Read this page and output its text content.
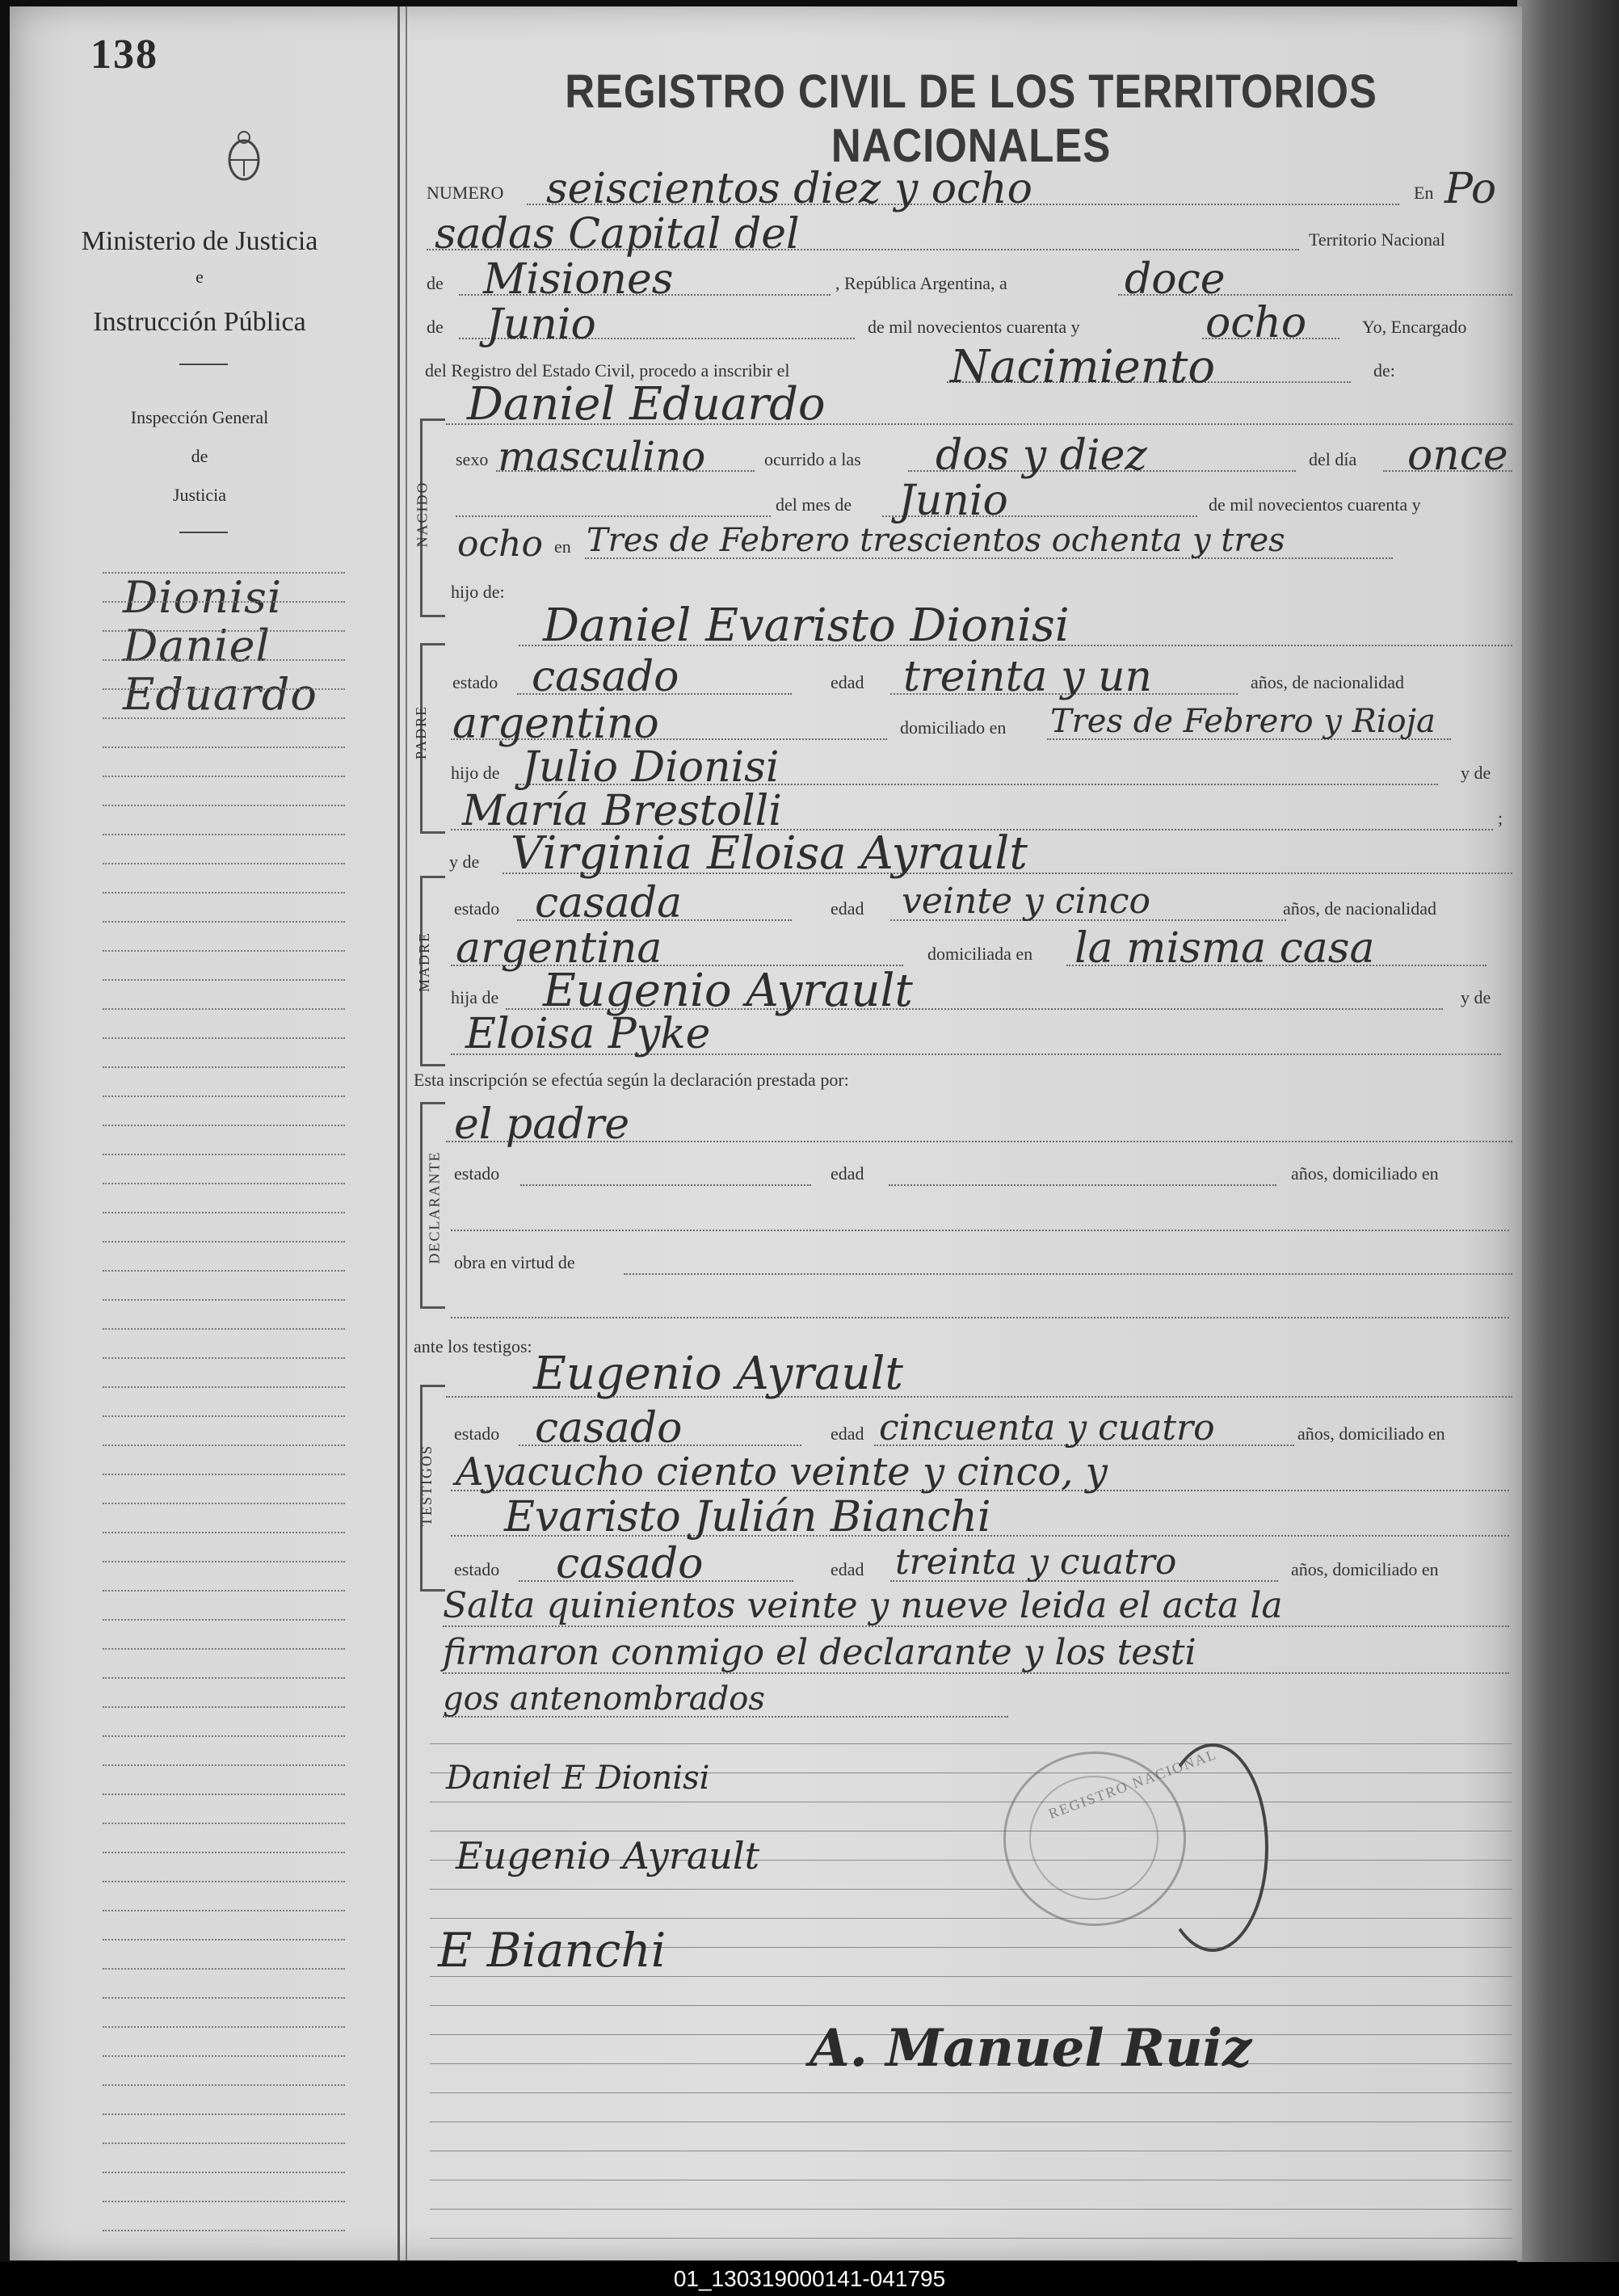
138
Ministerio de Justicia
e
Instrucción Pública
Inspección General
de
Justicia
Dionisi
Daniel
Eduardo
REGISTRO CIVIL DE LOS TERRITORIOS NACIONALES
NUMERO seiscientos diez y ocho	En Po
sadas Capital del	Territorio Nacional
de Misiones	, República Argentina, a	doce
de Junio	de mil novecientos cuarenta y	ocho	Yo, Encargado
del Registro del Estado Civil, procedo a inscribir el	Nacimiento	de:
NACIDO
Daniel Eduardo
sexo masculino	ocurrido a las dos y diez	del día once
del mes de Junio	de mil novecientos cuarenta y
ocho en Tres de Febrero trescientos ochenta y tres
hijo de:
PADRE
Daniel Evaristo Dionisi
estado casado	edad treinta y un	años, de nacionalidad
argentino	domiciliado en Tres de Febrero y Rioja
hijo de Julio Dionisi	y de
María Brestolli	;
y de Virginia Eloisa Ayrault
MADRE
estado casada	edad veinte y cinco	años, de nacionalidad
argentina	domiciliada en la misma casa
hija de Eugenio Ayrault	y de
Eloisa Pyke
Esta inscripción se efectúa según la declaración prestada por:
DECLARANTE
el padre
estado	edad	años, domiciliado en
obra en virtud de
ante los testigos:
TESTIGOS
Eugenio Ayrault
estado casado	edad cincuenta y cuatro	años, domiciliado en
Ayacucho ciento veinte y cinco, y
Evaristo Julián Bianchi
estado casado	edad treinta y cuatro	años, domiciliado en
Salta quinientos veinte y nueve leida el acta la
firmaron conmigo el declarante y los testi
gos antenombrados
Daniel E Dionisi
Eugenio Ayrault
E Bianchi
A. Manuel Ruiz
REGISTRO NACIONAL
01_130319000141-041795
